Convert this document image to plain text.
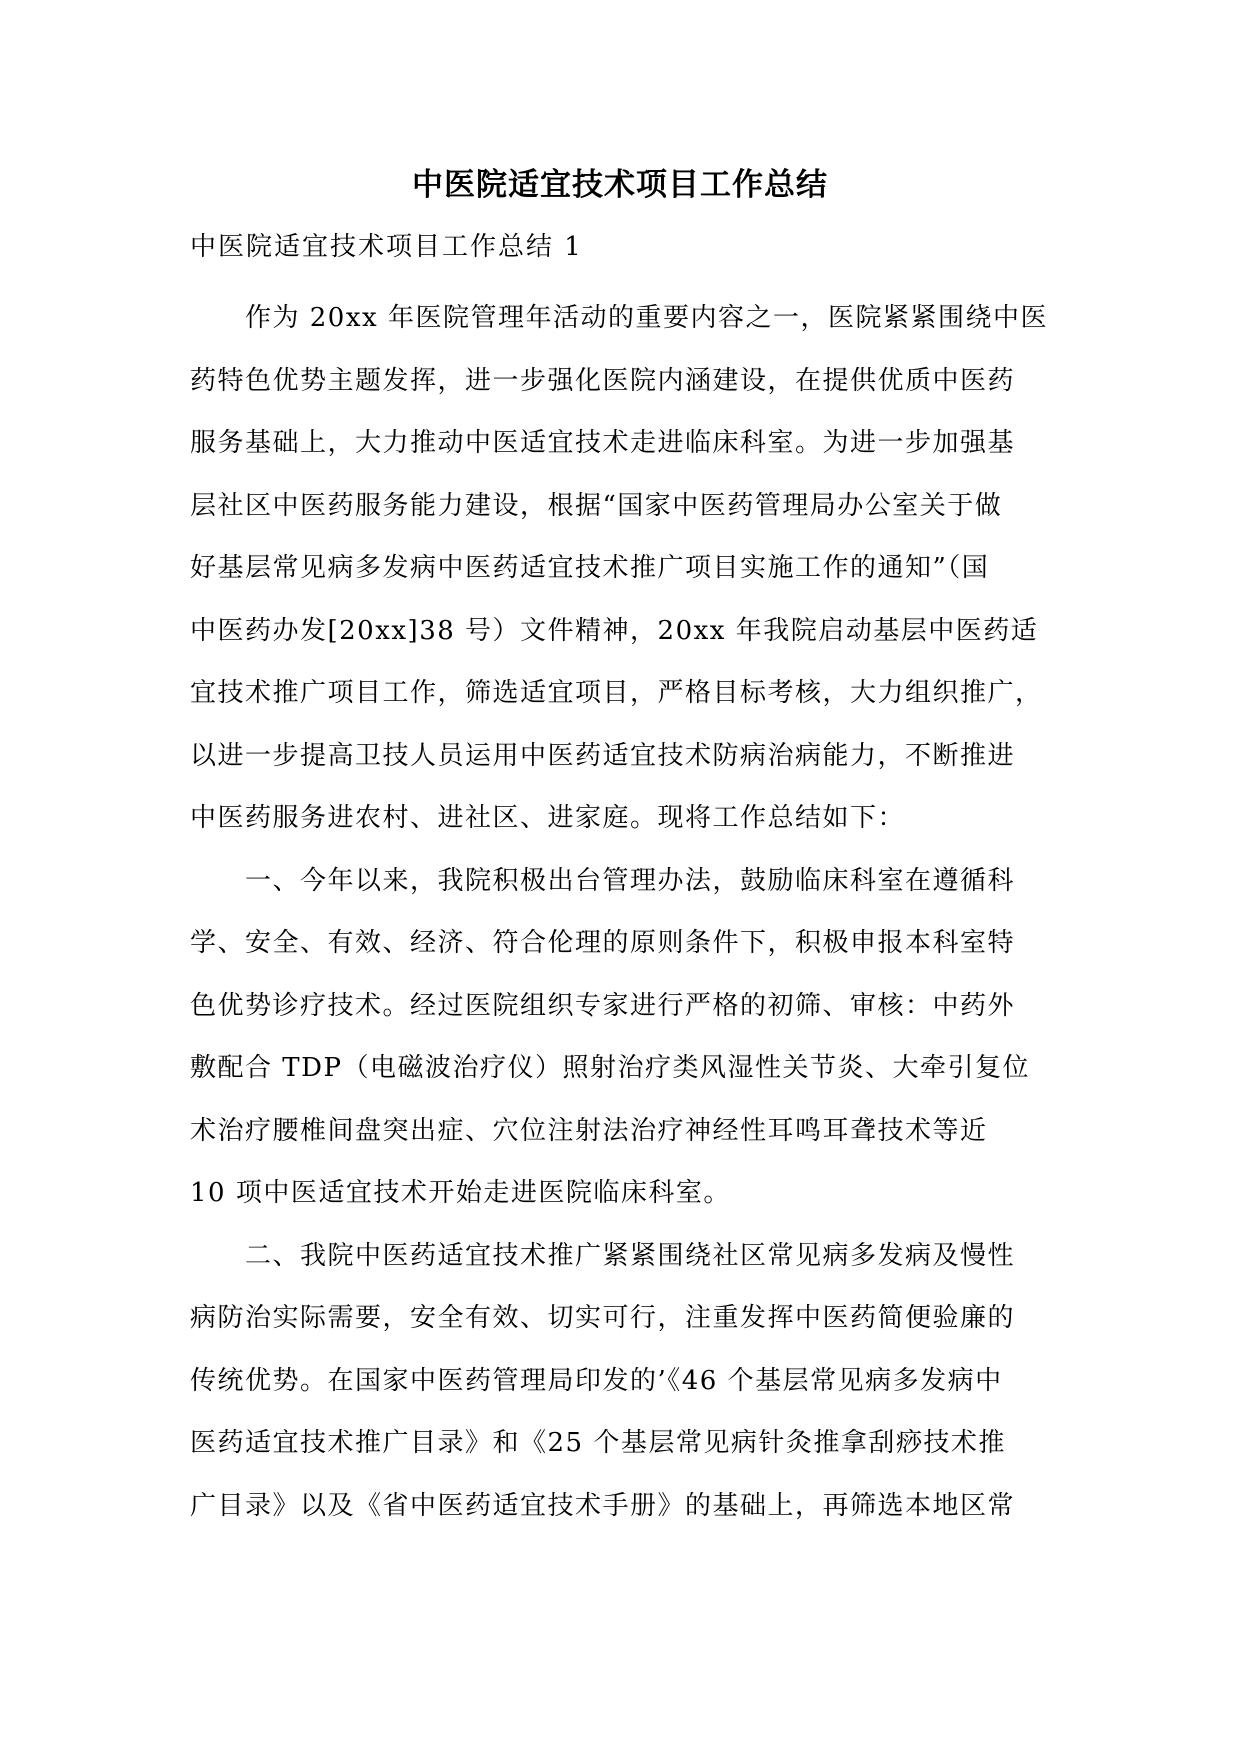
中医院适宜技术项目工作总结

中医院适宜技术项目工作总结 1

　　作为 20xx 年医院管理年活动的重要内容之一，医院紧紧围绕中医
药特色优势主题发挥，进一步强化医院内涵建设，在提供优质中医药
服务基础上，大力推动中医适宜技术走进临床科室。为进一步加强基
层社区中医药服务能力建设，根据“国家中医药管理局办公室关于做
好基层常见病多发病中医药适宜技术推广项目实施工作的通知”（国
中医药办发[20xx]38 号）文件精神，20xx 年我院启动基层中医药适
宜技术推广项目工作，筛选适宜项目，严格目标考核，大力组织推广，
以进一步提高卫技人员运用中医药适宜技术防病治病能力，不断推进
中医药服务进农村、进社区、进家庭。现将工作总结如下：

　　一、今年以来，我院积极出台管理办法，鼓励临床科室在遵循科
学、安全、有效、经济、符合伦理的原则条件下，积极申报本科室特
色优势诊疗技术。经过医院组织专家进行严格的初筛、审核：中药外
敷配合 TDP（电磁波治疗仪）照射治疗类风湿性关节炎、大牵引复位
术治疗腰椎间盘突出症、穴位注射法治疗神经性耳鸣耳聋技术等近
10 项中医适宜技术开始走进医院临床科室。

　　二、我院中医药适宜技术推广紧紧围绕社区常见病多发病及慢性
病防治实际需要，安全有效、切实可行，注重发挥中医药简便验廉的
传统优势。在国家中医药管理局印发的’《46 个基层常见病多发病中
医药适宜技术推广目录》和《25 个基层常见病针灸推拿刮痧技术推
广目录》以及《省中医药适宜技术手册》的基础上，再筛选本地区常
